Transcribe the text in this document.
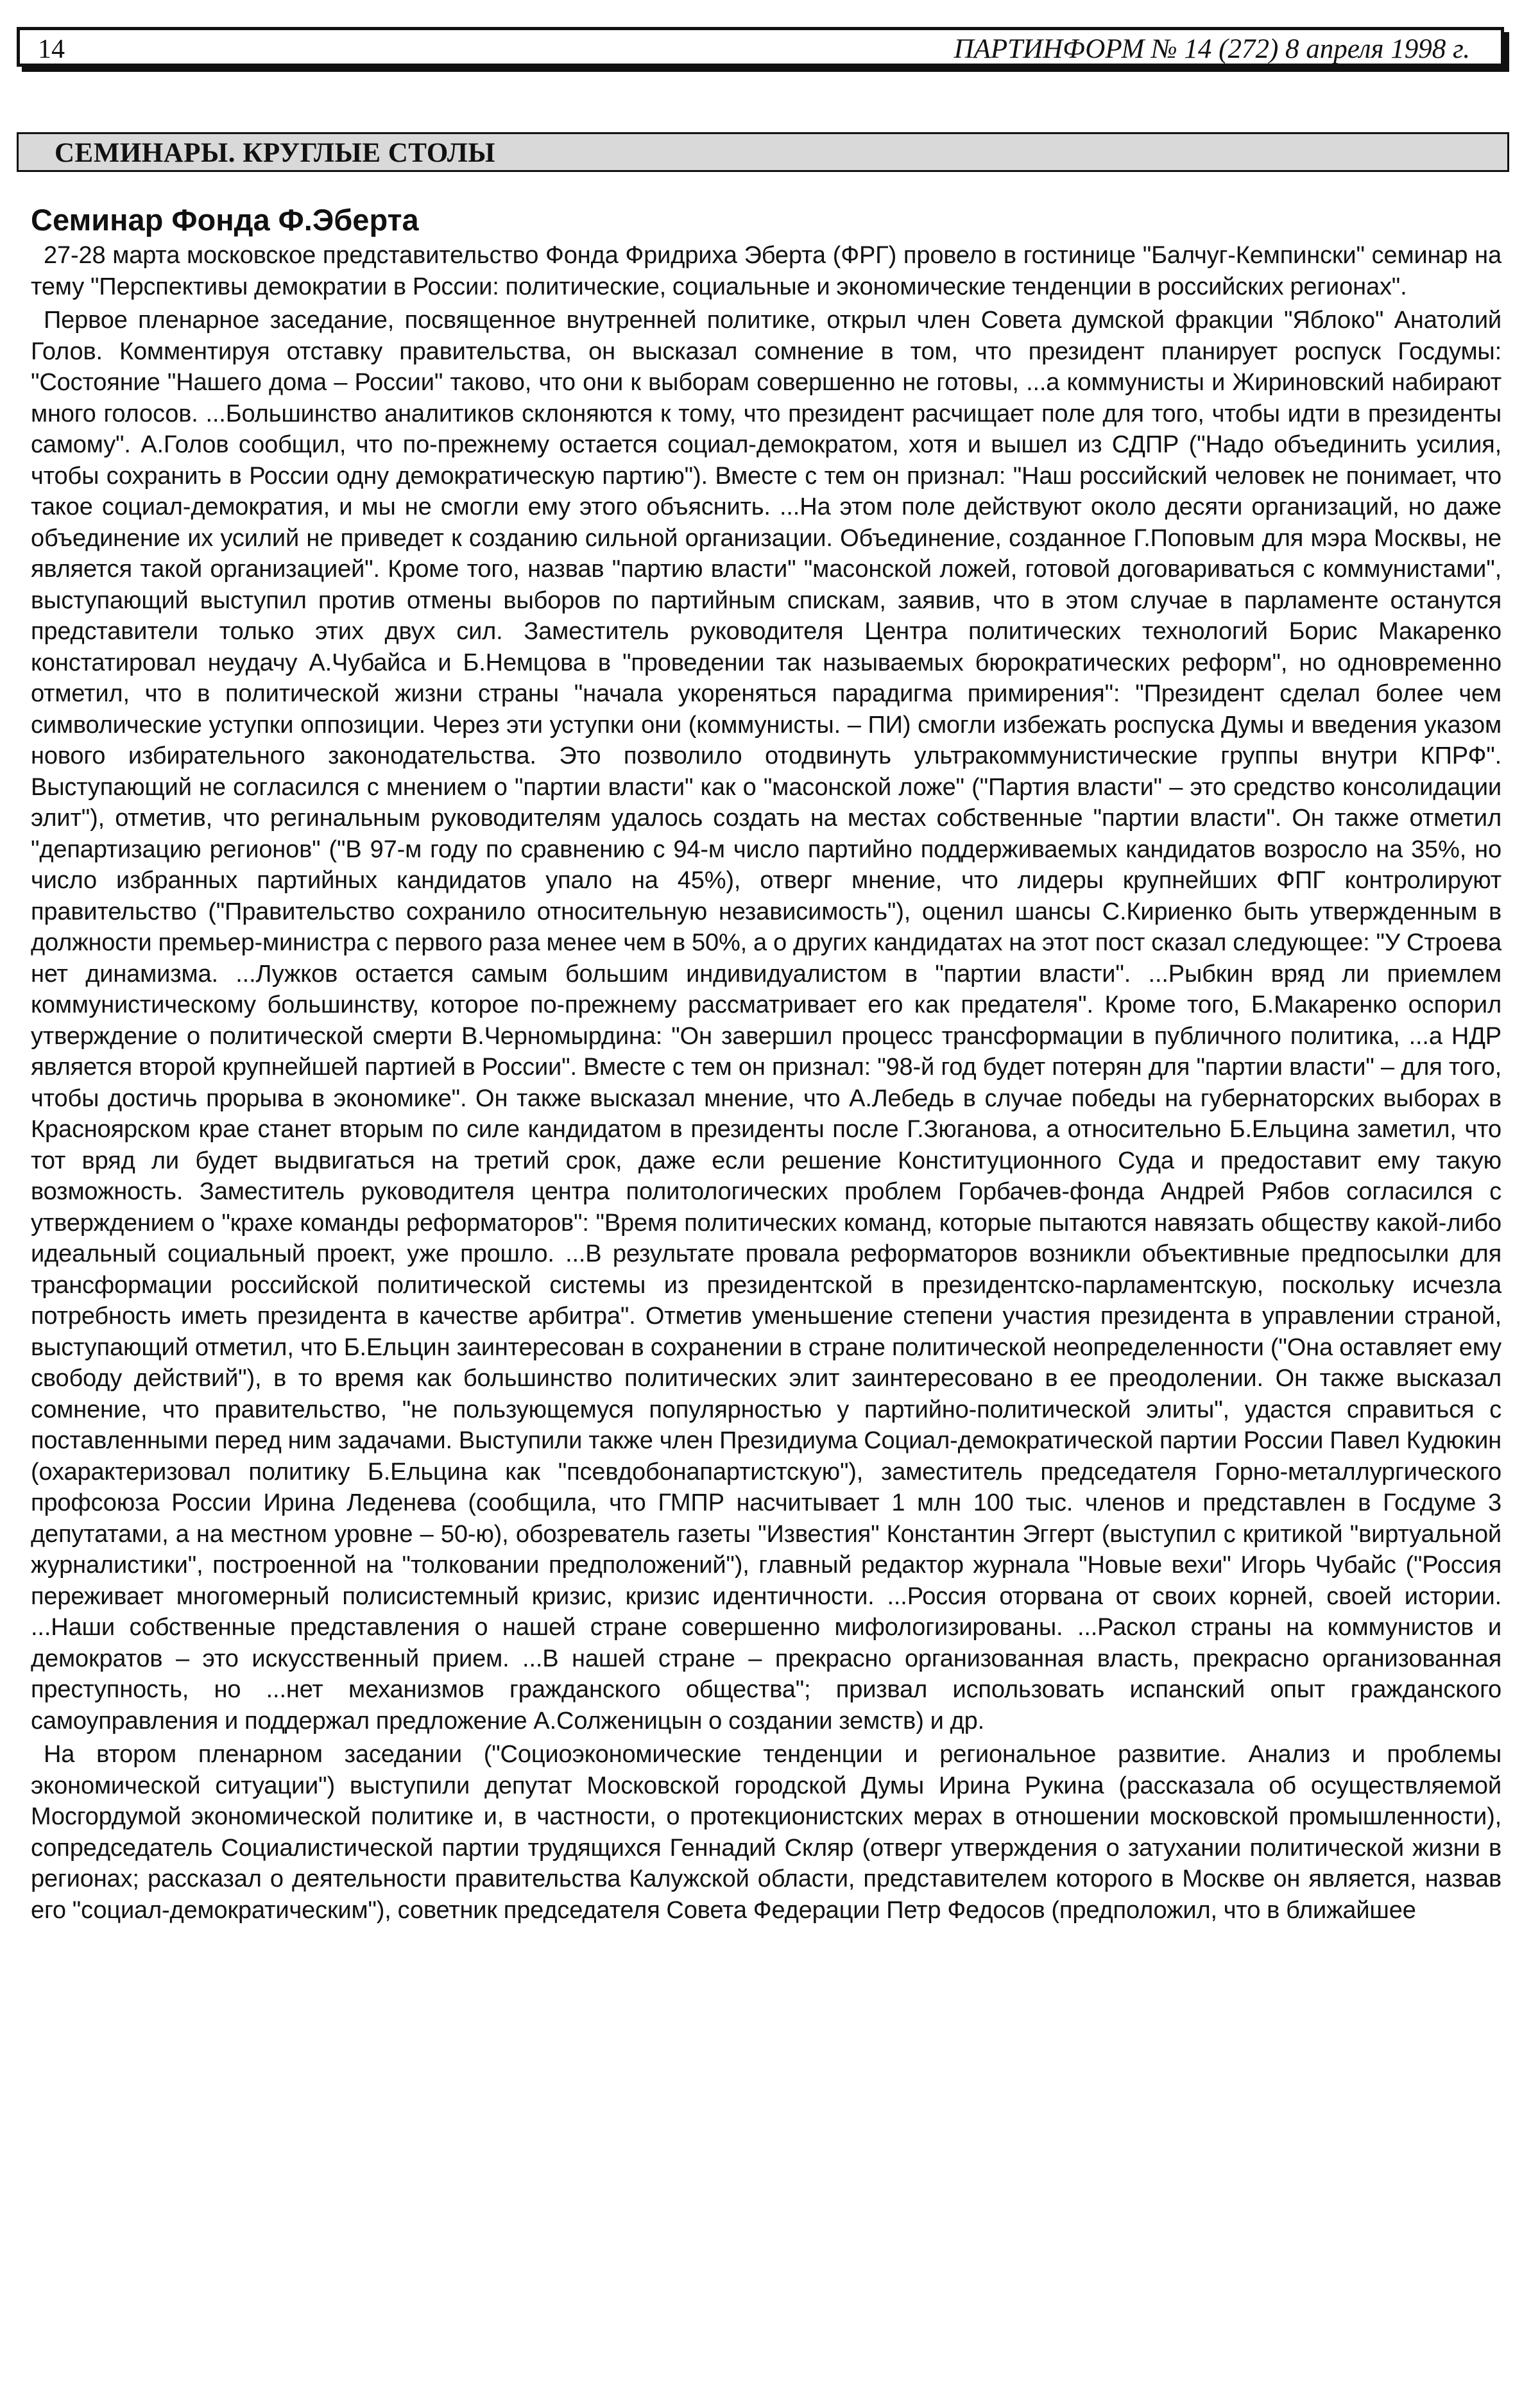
14	ПАРТИНФОРМ № 14 (272) 8 апреля 1998 г.
СЕМИНАРЫ. КРУГЛЫЕ СТОЛЫ
Семинар Фонда Ф.Эберта

27-28 марта московское представительство Фонда Фридриха Эберта (ФРГ) провело в гостинице "Балчуг-Кемпински" семинар на тему "Перспективы демократии в России: политические, социальные и экономические тенденции в российских регионах".

Первое пленарное заседание, посвященное внутренней политике, открыл член Совета думской фракции "Яблоко" Анатолий Голов. Комментируя отставку правительства, он высказал сомнение в том, что президент планирует роспуск Госдумы: "Состояние "Нашего дома – России" таково, что они к выборам совершенно не готовы, ...а коммунисты и Жириновский набирают много голосов. ...Большинство аналитиков склоняются к тому, что президент расчищает поле для того, чтобы идти в президенты самому". А.Голов сообщил, что по-прежнему остается социал-демократом, хотя и вышел из СДПР ("Надо объединить усилия, чтобы сохранить в России одну демократическую партию"). Вместе с тем он признал: "Наш российский человек не понимает, что такое социал-демократия, и мы не смогли ему этого объяснить. ...На этом поле действуют около десяти организаций, но даже объединение их усилий не приведет к созданию сильной организации. Объединение, созданное Г.Поповым для мэра Москвы, не является такой организацией". Кроме того, назвав "партию власти" "масонской ложей, готовой договариваться с коммунистами", выступающий выступил против отмены выборов по партийным спискам, заявив, что в этом случае в парламенте останутся представители только этих двух сил. Заместитель руководителя Центра политических технологий Борис Макаренко констатировал неудачу А.Чубайса и Б.Немцова в "проведении так называемых бюрократических реформ", но одновременно отметил, что в политической жизни страны "начала укореняться парадигма примирения": "Президент сделал более чем символические уступки оппозиции. Через эти уступки они (коммунисты. – ПИ) смогли избежать роспуска Думы и введения указом нового избирательного законодательства. Это позволило отодвинуть ультракоммунистические группы внутри КПРФ". Выступающий не согласился с мнением о "партии власти" как о "масонской ложе" ("Партия власти" – это средство консолидации элит"), отметив, что регинальным руководителям удалось создать на местах собственные "партии власти". Он также отметил "департизацию регионов" ("В 97-м году по сравнению с 94-м число партийно поддерживаемых кандидатов возросло на 35%, но число избранных партийных кандидатов упало на 45%), отверг мнение, что лидеры крупнейших ФПГ контролируют правительство ("Правительство сохранило относительную независимость"), оценил шансы С.Кириенко быть утвержденным в должности премьер-министра с первого раза менее чем в 50%, а о других кандидатах на этот пост сказал следующее: "У Строева нет динамизма. ...Лужков остается самым большим индивидуалистом в "партии власти". ...Рыбкин вряд ли приемлем коммунистическому большинству, которое по-прежнему рассматривает его как предателя". Кроме того, Б.Макаренко оспорил утверждение о политической смерти В.Черномырдина: "Он завершил процесс трансформации в публичного политика, ...а НДР является второй крупнейшей партией в России". Вместе с тем он признал: "98-й год будет потерян для "партии власти" – для того, чтобы достичь прорыва в экономике". Он также высказал мнение, что А.Лебедь в случае победы на губернаторских выборах в Красноярском крае станет вторым по силе кандидатом в президенты после Г.Зюганова, а относительно Б.Ельцина заметил, что тот вряд ли будет выдвигаться на третий срок, даже если решение Конституционного Суда и предоставит ему такую возможность. Заместитель руководителя центра политологических проблем Горбачев-фонда Андрей Рябов согласился с утверждением о "крахе команды реформаторов": "Время политических команд, которые пытаются навязать обществу какой-либо идеальный социальный проект, уже прошло. ...В результате провала реформаторов возникли объективные предпосылки для трансформации российской политической системы из президентской в президентско-парламентскую, поскольку исчезла потребность иметь президента в качестве арбитра". Отметив уменьшение степени участия президента в управлении страной, выступающий отметил, что Б.Ельцин заинтересован в сохранении в стране политической неопределенности ("Она оставляет ему свободу действий"), в то время как большинство политических элит заинтересовано в ее преодолении. Он также высказал сомнение, что правительство, "не пользующемуся популярностью у партийно-политической элиты", удастся справиться с поставленными перед ним задачами. Выступили также член Президиума Социал-демократической партии России Павел Кудюкин (охарактеризовал политику Б.Ельцина как "псевдобонапартистскую"), заместитель председателя Горно-металлургического профсоюза России Ирина Леденева (сообщила, что ГМПР насчитывает 1 млн 100 тыс. членов и представлен в Госдуме 3 депутатами, а на местном уровне – 50-ю), обозреватель газеты "Известия" Константин Эггерт (выступил с критикой "виртуальной журналистики", построенной на "толковании предположений"), главный редактор журнала "Новые вехи" Игорь Чубайс ("Россия переживает многомерный полисистемный кризис, кризис идентичности. ...Россия оторвана от своих корней, своей истории. ...Наши собственные представления о нашей стране совершенно мифологизированы. ...Раскол страны на коммунистов и демократов – это искусственный прием. ...В нашей стране – прекрасно организованная власть, прекрасно организованная преступность, но ...нет механизмов гражданского общества"; призвал использовать испанский опыт гражданского самоуправления и поддержал предложение А.Солженицын о создании земств) и др.

На втором пленарном заседании ("Социоэкономические тенденции и региональное развитие. Анализ и проблемы экономической ситуации") выступили депутат Московской городской Думы Ирина Рукина (рассказала об осуществляемой Мосгордумой экономической политике и, в частности, о протекционистских мерах в отношении московской промышленности), сопредседатель Социалистической партии трудящихся Геннадий Скляр (отверг утверждения о затухании политической жизни в регионах; рассказал о деятельности правительства Калужской области, представителем которого в Москве он является, назвав его "социал-демократическим"), советник председателя Совета Федерации Петр Федосов (предположил, что в ближайшее
